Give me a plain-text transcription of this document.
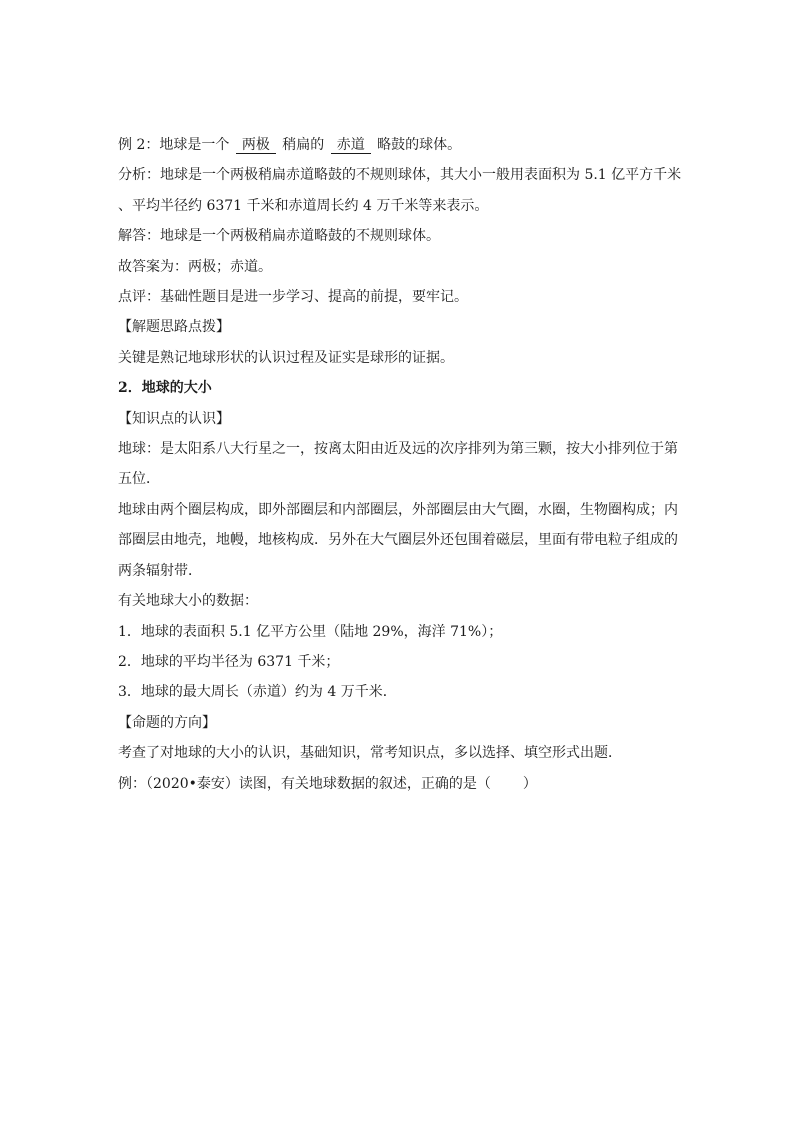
例 2：地球是一个 两极 稍扁的 赤道 略鼓的球体。
分析：地球是一个两极稍扁赤道略鼓的不规则球体，其大小一般用表面积为 5.1 亿平方千米
、平均半径约 6371 千米和赤道周长约 4 万千米等来表示。
解答：地球是一个两极稍扁赤道略鼓的不规则球体。
故答案为：两极；赤道。
点评：基础性题目是进一步学习、提高的前提，要牢记。
【解题思路点拨】
关键是熟记地球形状的认识过程及证实是球形的证据。
2．地球的大小
【知识点的认识】
地球：是太阳系八大行星之一，按离太阳由近及远的次序排列为第三颗，按大小排列位于第
五位．
地球由两个圈层构成，即外部圈层和内部圈层，外部圈层由大气圈，水圈，生物圈构成；内
部圈层由地壳，地幔，地核构成．另外在大气圈层外还包围着磁层，里面有带电粒子组成的
两条辐射带．
有关地球大小的数据：
1．地球的表面积 5.1 亿平方公里（陆地 29%，海洋 71%）；
2．地球的平均半径为 6371 千米；
3．地球的最大周长（赤道）约为 4 万千米．
【命题的方向】
考查了对地球的大小的认识，基础知识，常考知识点，多以选择、填空形式出题．
例：（2020•泰安）读图，有关地球数据的叙述，正确的是（ ）
